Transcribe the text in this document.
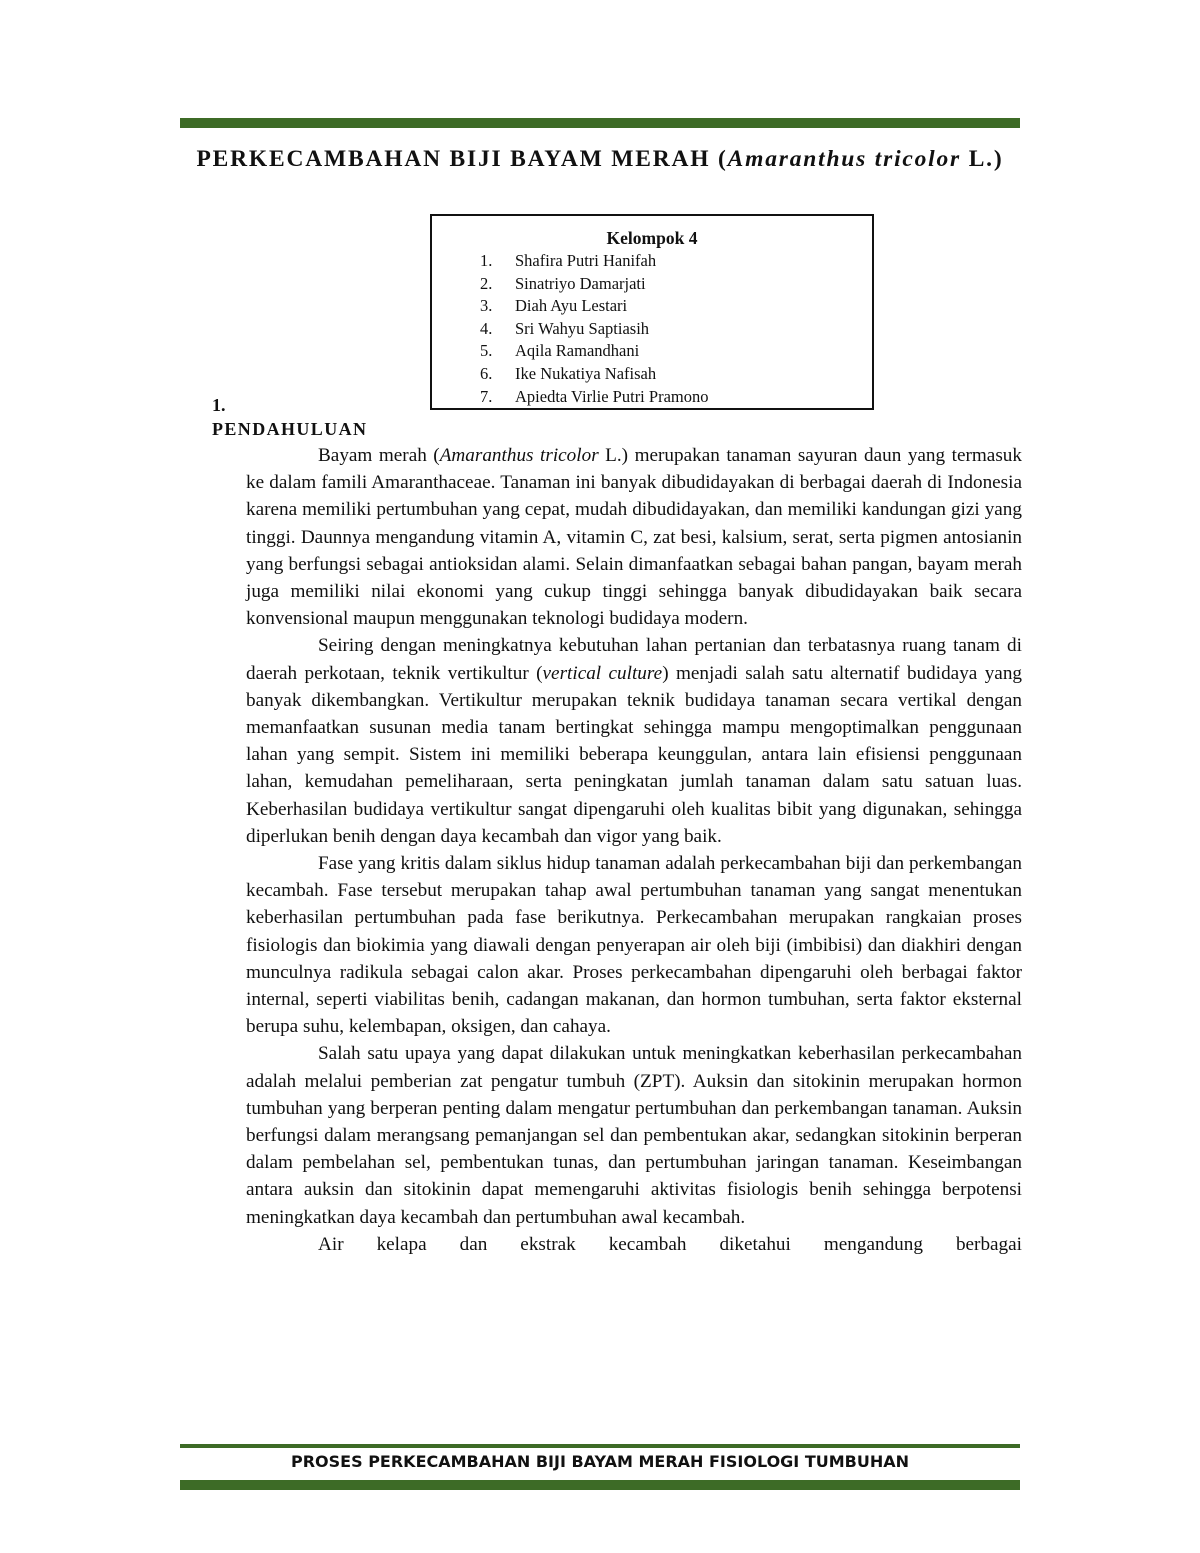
PERKECAMBAHAN BIJI BAYAM MERAH (Amaranthus tricolor L.)
Kelompok 4
1.	Shafira Putri Hanifah
2.	Sinatriyo Damarjati
3.	Diah Ayu Lestari
4.	Sri Wahyu Saptiasih
5.	Aqila Ramandhani
6.	Ike Nukatiya Nafisah
7.	Apiedta Virlie Putri Pramono
1.
PENDAHULUAN

Bayam merah (Amaranthus tricolor L.) merupakan tanaman sayuran daun yang termasuk ke dalam famili Amaranthaceae. Tanaman ini banyak dibudidayakan di berbagai daerah di Indonesia karena memiliki pertumbuhan yang cepat, mudah dibudidayakan, dan memiliki kandungan gizi yang tinggi. Daunnya mengandung vitamin A, vitamin C, zat besi, kalsium, serat, serta pigmen antosianin yang berfungsi sebagai antioksidan alami. Selain dimanfaatkan sebagai bahan pangan, bayam merah juga memiliki nilai ekonomi yang cukup tinggi sehingga banyak dibudidayakan baik secara konvensional maupun menggunakan teknologi budidaya modern.

Seiring dengan meningkatnya kebutuhan lahan pertanian dan terbatasnya ruang tanam di daerah perkotaan, teknik vertikultur (vertical culture) menjadi salah satu alternatif budidaya yang banyak dikembangkan. Vertikultur merupakan teknik budidaya tanaman secara vertikal dengan memanfaatkan susunan media tanam bertingkat sehingga mampu mengoptimalkan penggunaan lahan yang sempit. Sistem ini memiliki beberapa keunggulan, antara lain efisiensi penggunaan lahan, kemudahan pemeliharaan, serta peningkatan jumlah tanaman dalam satu satuan luas. Keberhasilan budidaya vertikultur sangat dipengaruhi oleh kualitas bibit yang digunakan, sehingga diperlukan benih dengan daya kecambah dan vigor yang baik.

Fase yang kritis dalam siklus hidup tanaman adalah perkecambahan biji dan perkembangan kecambah. Fase tersebut merupakan tahap awal pertumbuhan tanaman yang sangat menentukan keberhasilan pertumbuhan pada fase berikutnya. Perkecambahan merupakan rangkaian proses fisiologis dan biokimia yang diawali dengan penyerapan air oleh biji (imbibisi) dan diakhiri dengan munculnya radikula sebagai calon akar. Proses perkecambahan dipengaruhi oleh berbagai faktor internal, seperti viabilitas benih, cadangan makanan, dan hormon tumbuhan, serta faktor eksternal berupa suhu, kelembapan, oksigen, dan cahaya.

Salah satu upaya yang dapat dilakukan untuk meningkatkan keberhasilan perkecambahan adalah melalui pemberian zat pengatur tumbuh (ZPT). Auksin dan sitokinin merupakan hormon tumbuhan yang berperan penting dalam mengatur pertumbuhan dan perkembangan tanaman. Auksin berfungsi dalam merangsang pemanjangan sel dan pembentukan akar, sedangkan sitokinin berperan dalam pembelahan sel, pembentukan tunas, dan pertumbuhan jaringan tanaman. Keseimbangan antara auksin dan sitokinin dapat memengaruhi aktivitas fisiologis benih sehingga berpotensi meningkatkan daya kecambah dan pertumbuhan awal kecambah.

Air kelapa dan ekstrak kecambah diketahui mengandung berbagai

PROSES PERKECAMBAHAN BIJI BAYAM MERAH FISIOLOGI TUMBUHAN
